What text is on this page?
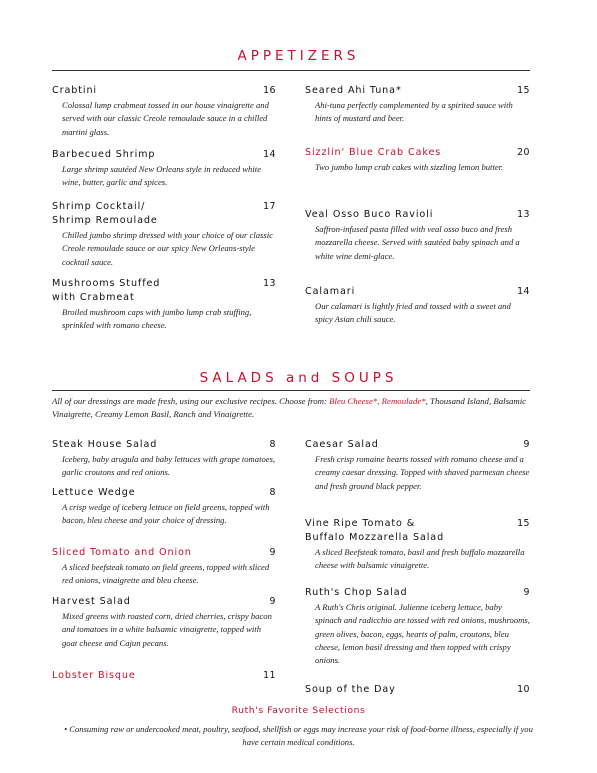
APPETIZERS
Crabtini	16
Colossal lump crabmeat tossed in our house vinaigrette and served with our classic Creole remoulade sauce in a chilled martini glass.
Barbecued Shrimp	14
Large shrimp sautéed New Orleans style in reduced white wine, butter, garlic and spices.
Shrimp Cocktail/	17
Shrimp Remoulade
Chilled jumbo shrimp dressed with your choice of our classic Creole remoulade sauce or our spicy New Orleans-style cocktail sauce.
Mushrooms Stuffed	13
with Crabmeat
Broiled mushroom caps with jumbo lump crab stuffing, sprinkled with romano cheese.
Seared Ahi Tuna*	15
Ahi-tuna perfectly complemented by a spirited sauce with hints of mustard and beer.
Sizzlin' Blue Crab Cakes	20
Two jumbo lump crab cakes with sizzling lemon butter.
Veal Osso Buco Ravioli	13
Saffron-infused pasta filled with veal osso buco and fresh mozzarella cheese. Served with sautéed baby spinach and a white wine demi-glace.
Calamari	14
Our calamari is lightly fried and tossed with a sweet and spicy Asian chili sauce.
SALADS and SOUPS
All of our dressings are made fresh, using our exclusive recipes. Choose from: Bleu Cheese*, Remoulade*, Thousand Island, Balsamic Vinaigrette, Creamy Lemon Basil, Ranch and Vinaigrette.
Steak House Salad	8
Iceberg, baby arugula and baby lettuces with grape tomatoes, garlic croutons and red onions.
Lettuce Wedge	8
A crisp wedge of iceberg lettuce on field greens, topped with bacon, bleu cheese and your choice of dressing.
Sliced Tomato and Onion	9
A sliced beefsteak tomato on field greens, topped with sliced red onions, vinaigrette and bleu cheese.
Harvest Salad	9
Mixed greens with roasted corn, dried cherries, crispy bacon and tomatoes in a white balsamic vinaigrette, topped with goat cheese and Cajun pecans.
Lobster Bisque	11
Caesar Salad	9
Fresh crisp romaine hearts tossed with romano cheese and a creamy caesar dressing. Topped with shaved parmesan cheese and fresh ground black pepper.
Vine Ripe Tomato &	15
Buffalo Mozzarella Salad
A sliced Beefsteak tomato, basil and fresh buffalo mozzarella cheese with balsamic vinaigrette.
Ruth's Chop Salad	9
A Ruth's Chris original. Julienne iceberg lettuce, baby spinach and radicchio are tossed with red onions, mushrooms, green olives, bacon, eggs, hearts of palm, croutons, bleu cheese, lemon basil dressing and then topped with crispy onions.
Soup of the Day	10
Ruth's Favorite Selections
• Consuming raw or undercooked meat, poultry, seafood, shellfish or eggs may increase your risk of food-borne illness, especially if you have certain medical conditions.
